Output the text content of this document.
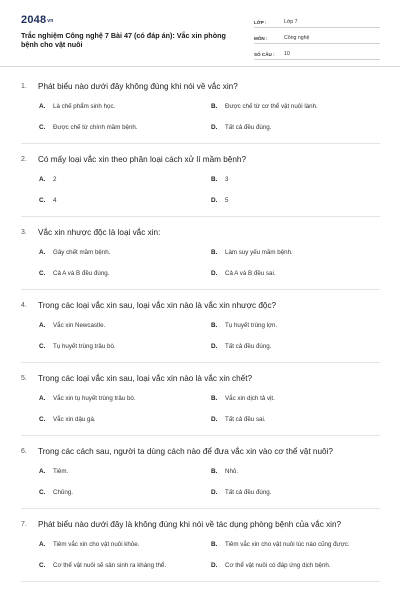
2048vn
Trắc nghiệm Công nghệ 7 Bài 47 (có đáp án): Vắc xin phòng bệnh cho vật nuôi
LỚP :	Lớp 7
MÔN :	Công nghệ
SỐ CÂU :	10
1.	Phát biểu nào dưới đây không đúng khi nói về vắc xin?
A.	Là chế phẩm sinh học.	B.	Được chế từ cơ thể vật nuôi lành.
C.	Được chế từ chính mầm bệnh.	D.	Tất cả đều đúng.
2.	Có mấy loại vắc xin theo phân loại cách xử lí mầm bệnh?
A.	2	B.	3
C.	4	D.	5
3.	Vắc xin nhược độc là loại vắc xin:
A.	Gây chết mầm bệnh.	B.	Làm suy yếu mầm bệnh.
C.	Cả A và B đều đúng.	D.	Cả A và B đều sai.
4.	Trong các loại vắc xin sau, loại vắc xin nào là vắc xin nhược độc?
A.	Vắc xin Newcastle.	B.	Tụ huyết trùng lợn.
C.	Tụ huyết trùng trâu bò.	D.	Tất cả đều đúng.
5.	Trong các loại vắc xin sau, loại vắc xin nào là vắc xin chết?
A.	Vắc xin tụ huyết trùng trâu bò.	B.	Vắc xin dịch tả vịt.
C.	Vắc xin dậu gà.	D.	Tất cả đều sai.
6.	Trong các cách sau, người ta dùng cách nào để đưa vắc xin vào cơ thể vật nuôi?
A.	Tiêm.	B.	Nhỏ.
C.	Chủng.	D.	Tất cả đều đúng.
7.	Phát biểu nào dưới đây là không đúng khi nói về tác dụng phòng bệnh của vắc xin?
A.	Tiêm vắc xin cho vật nuôi khỏe.	B.	Tiêm vắc xin cho vật nuôi lúc nào cũng được.
C.	Cơ thể vật nuôi sẽ sản sinh ra kháng thể.	D.	Cơ thể vật nuôi có đáp ứng dịch bệnh.
